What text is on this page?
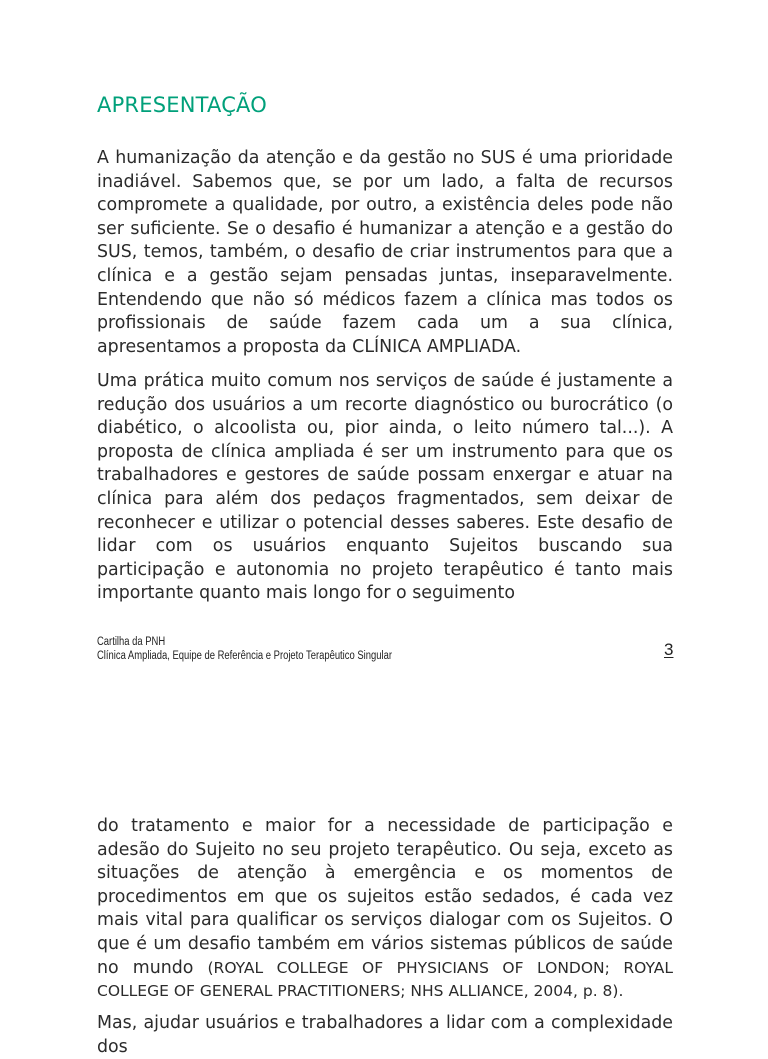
APRESENTAÇÃO

A humanização da atenção e da gestão no SUS é uma prioridade inadiável. Sabemos que, se por um lado, a falta de recursos compromete a qualidade, por outro, a existência deles pode não ser suficiente. Se o desafio é humanizar a atenção e a gestão do SUS, temos, também, o desafio de criar instrumentos para que a clínica e a gestão sejam pensadas juntas, inseparavelmente. Entendendo que não só médicos fazem a clínica mas todos os profissionais de saúde fazem cada um a sua clínica, apresentamos a proposta da CLÍNICA AMPLIADA.

Uma prática muito comum nos serviços de saúde é justamente a redução dos usuários a um recorte diagnóstico ou burocrático (o diabético, o alcoolista ou, pior ainda, o leito número tal...). A proposta de clínica ampliada é ser um instrumento para que os trabalhadores e gestores de saúde possam enxergar e atuar na clínica para além dos pedaços fragmentados, sem deixar de reconhecer e utilizar o potencial desses saberes. Este desafio de lidar com os usuários enquanto Sujeitos buscando sua participação e autonomia no projeto terapêutico é tanto mais importante quanto mais longo for o seguimento

Cartilha da PNH
Clínica Ampliada, Equipe de Referência e Projeto Terapêutico Singular	3

do tratamento e maior for a necessidade de participação e adesão do Sujeito no seu projeto terapêutico. Ou seja, exceto as situações de atenção à emergência e os momentos de procedimentos em que os sujeitos estão sedados, é cada vez mais vital para qualificar os serviços dialogar com os Sujeitos. O que é um desafio também em vários sistemas públicos de saúde no mundo (ROYAL COLLEGE OF PHYSICIANS OF LONDON; ROYAL COLLEGE OF GENERAL PRACTITIONERS; NHS ALLIANCE, 2004, p. 8).

Mas, ajudar usuários e trabalhadores a lidar com a complexidade dos
